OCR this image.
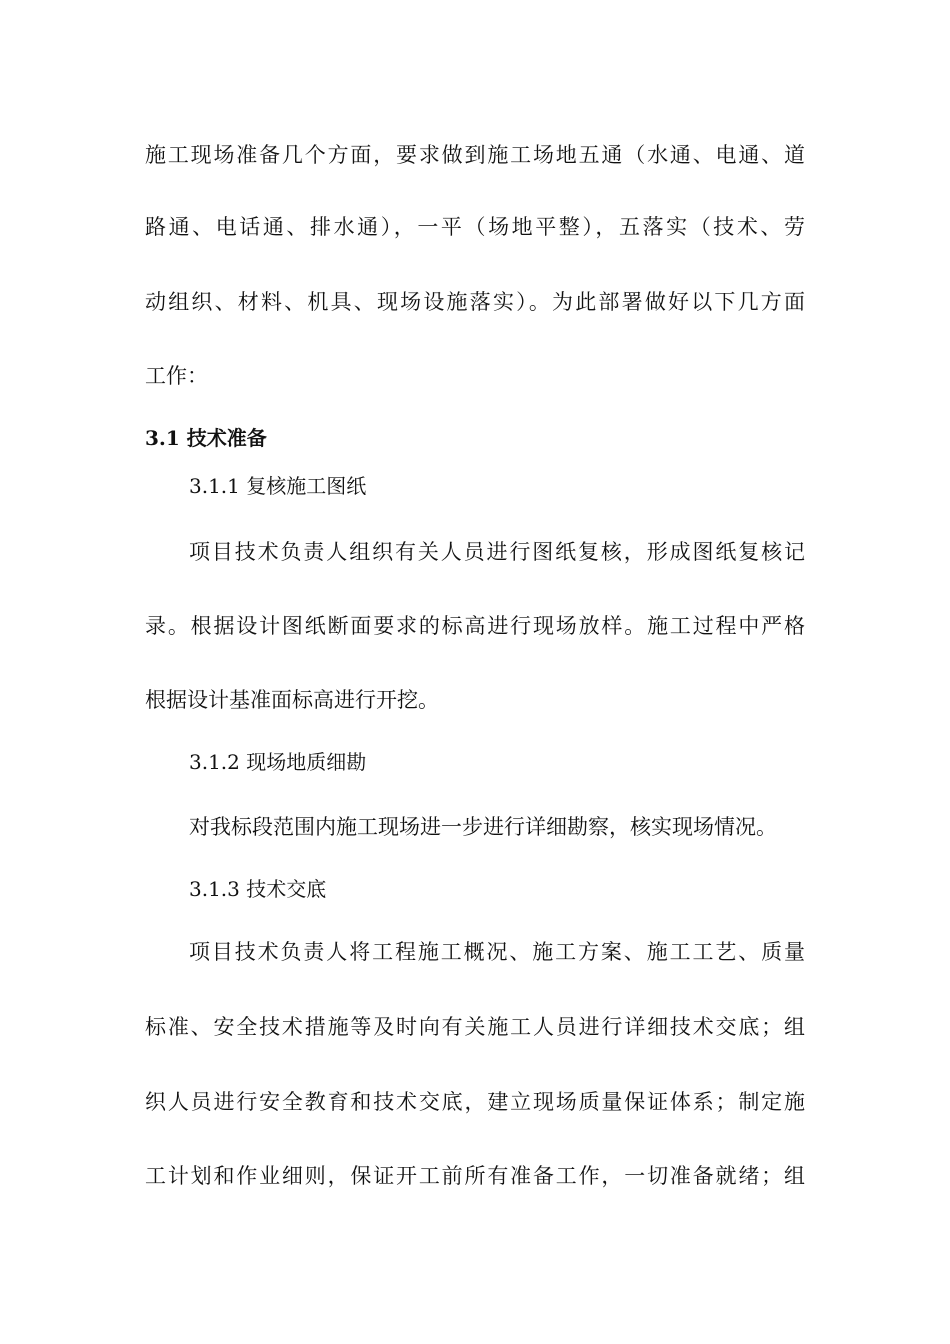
施工现场准备几个方面，要求做到施工场地五通（水通、电通、道
路通、电话通、排水通），一平（场地平整），五落实（技术、劳
动组织、材料、机具、现场设施落实）。为此部署做好以下几方面
工作：
3.1 技术准备
3.1.1 复核施工图纸
项目技术负责人组织有关人员进行图纸复核，形成图纸复核记
录。根据设计图纸断面要求的标高进行现场放样。施工过程中严格
根据设计基准面标高进行开挖。
3.1.2 现场地质细勘
对我标段范围内施工现场进一步进行详细勘察，核实现场情况。
3.1.3 技术交底
项目技术负责人将工程施工概况、施工方案、施工工艺、质量
标准、安全技术措施等及时向有关施工人员进行详细技术交底；组
织人员进行安全教育和技术交底，建立现场质量保证体系；制定施
工计划和作业细则，保证开工前所有准备工作，一切准备就绪；组
